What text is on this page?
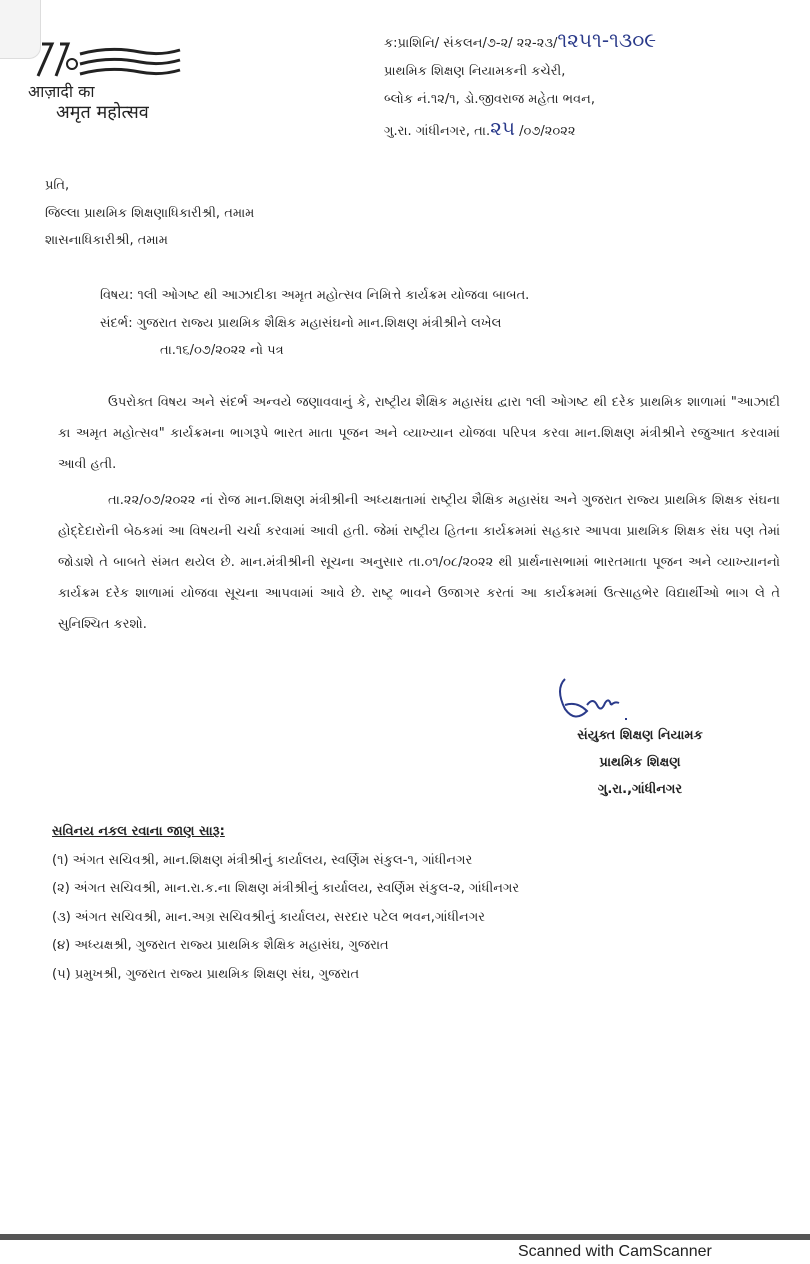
आज़ादी का
अमृत महोत्सव
ક:પ્રાશિનિ/ સંકલન/૭-૨/ ૨૨-૨૩/૧૨૫૧-૧૩૦૯
પ્રાથમિક શિક્ષણ નિયામકની કચેરી,
બ્લોક નં.૧૨/૧, ડો.જીવરાજ મહેતા ભવન,
ગુ.રા. ગાંધીનગર, તા.૨૫ /૦૭/૨૦૨૨
પ્રતિ,
જિલ્લા પ્રાથમિક શિક્ષણાધિકારીશ્રી, તમામ
શાસનાધિકારીશ્રી, તમામ
વિષય: ૧લી ઓગષ્ટ થી આઝાદીકા અમૃત મહોત્સવ નિમિત્તે કાર્યક્રમ યોજવા બાબત.
સંદર્ભ: ગુજરાત રાજ્ય પ્રાથમિક શૈક્ષિક મહાસંઘનો માન.શિક્ષણ મંત્રીશ્રીને લખેલ
તા.૧૬/૦૭/૨૦૨૨ નો પત્ર
ઉપરોક્ત વિષય અને સંદર્ભ અન્વયે જણાવવાનું કે, રાષ્ટ્રીય શૈક્ષિક મહાસંઘ દ્વારા ૧લી ઓગષ્ટ થી દરેક પ્રાથમિક શાળામાં "આઝાદી કા અમૃત મહોત્સવ" કાર્યક્રમના ભાગરૂપે ભારત માતા પૂજન અને વ્યાખ્યાન યોજવા પરિપત્ર કરવા માન.શિક્ષણ મંત્રીશ્રીને રજુઆત કરવામાં આવી હતી.
તા.૨૨/૦૭/૨૦૨૨ નાં રોજ માન.શિક્ષણ મંત્રીશ્રીની અધ્યક્ષતામાં રાષ્ટ્રીય શૈક્ષિક મહાસંઘ અને ગુજરાત રાજ્ય પ્રાથમિક શિક્ષક સંઘના હોદ્દેદારોની બેઠકમાં આ વિષયની ચર્ચા કરવામાં આવી હતી. જેમાં રાષ્ટ્રીય હિતના કાર્યક્રમમાં સહકાર આપવા પ્રાથમિક શિક્ષક સંઘ પણ તેમાં જોડાશે તે બાબતે સંમત થયેલ છે. માન.મંત્રીશ્રીની સૂચના અનુસાર તા.૦૧/૦૮/૨૦૨૨ થી પ્રાર્થનાસભામાં ભારતમાતા પૂજન અને વ્યાખ્યાનનો કાર્યક્રમ દરેક શાળામાં યોજવા સૂચના આપવામાં આવે છે. રાષ્ટ્ર ભાવને ઉજાગર કરતાં આ કાર્યક્રમમાં ઉત્સાહભેર વિદ્યાર્થીઓ ભાગ લે તે સુનિશ્ચિત કરશો.
સંયુક્ત શિક્ષણ નિયામક
પ્રાથમિક શિક્ષણ
ગુ.રા.,ગાંધીનગર
સવિનય નકલ રવાના જાણ સારૂ:
(૧) અંગત સચિવશ્રી, માન.શિક્ષણ મંત્રીશ્રીનું કાર્યાલય, સ્વર્ણિમ સંકુલ-૧, ગાંધીનગર
(૨) અંગત સચિવશ્રી, માન.રા.ક.ના શિક્ષણ મંત્રીશ્રીનું કાર્યાલય, સ્વર્ણિમ સંકુલ-૨, ગાંધીનગર
(૩) અંગત સચિવશ્રી, માન.અગ્ર સચિવશ્રીનું કાર્યાલય, સરદાર પટેલ ભવન,ગાંધીનગર
(૪) અધ્યક્ષશ્રી, ગુજરાત રાજ્ય પ્રાથમિક શૈક્ષિક મહાસંઘ, ગુજરાત
(૫) પ્રમુખશ્રી, ગુજરાત રાજ્ય પ્રાથમિક શિક્ષણ સંઘ, ગુજરાત
Scanned with CamScanner
